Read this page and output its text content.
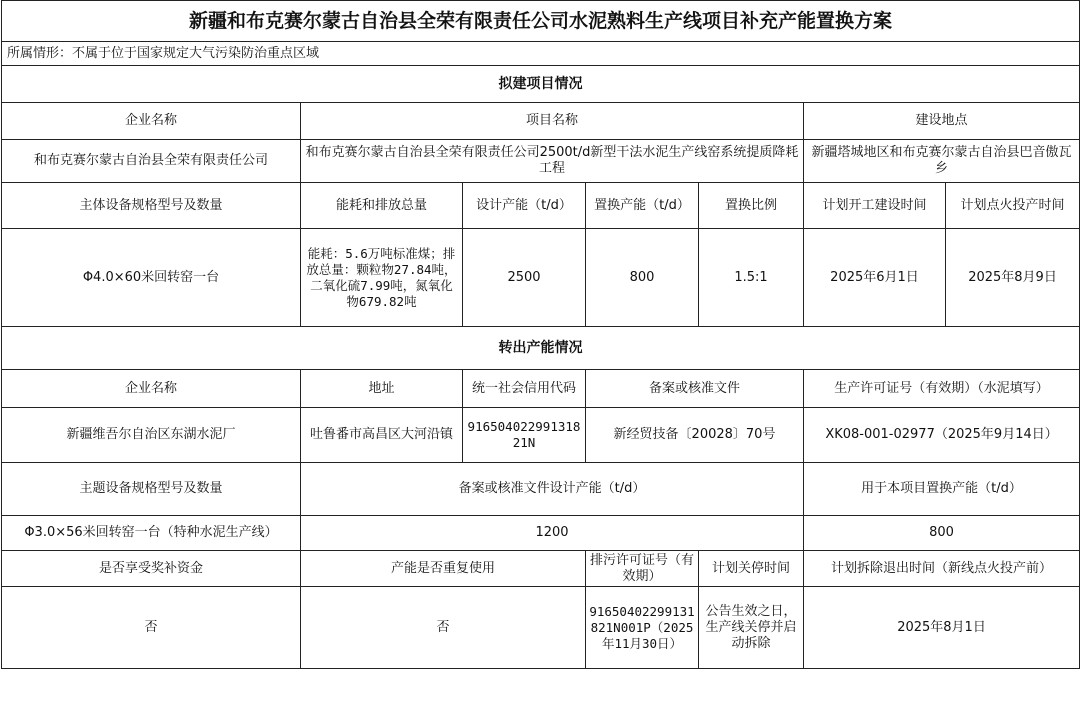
新疆和布克赛尔蒙古自治县全荣有限责任公司水泥熟料生产线项目补充产能置换方案						
所属情形：不属于位于国家规定大气污染防治重点区域						
拟建项目情况						
企业名称	项目名称				建设地点	
和布克赛尔蒙古自治县全荣有限责任公司	和布克赛尔蒙古自治县全荣有限责任公司2500t/d新型干法水泥生产线窑系统提质降耗工程				新疆塔城地区和布克赛尔蒙古自治县巴音傲瓦乡	
主体设备规格型号及数量	能耗和排放总量	设计产能（t/d）	置换产能（t/d）	置换比例	计划开工建设时间	计划点火投产时间
Φ4.0×60米回转窑一台	能耗：5.6万吨标准煤；排放总量：颗粒物27.84吨，二氧化硫7.99吨，氮氧化物679.82吨	2500	800	1.5:1	2025年6月1日	2025年8月9日
转出产能情况						
企业名称	地址	统一社会信用代码	备案或核准文件		生产许可证号（有效期）（水泥填写）	
新疆维吾尔自治区东湖水泥厂	吐鲁番市高昌区大河沿镇	91650402299131821N	新经贸技备〔20028〕70号		XK08-001-02977（2025年9月14日）	
主题设备规格型号及数量	备案或核准文件设计产能（t/d）				用于本项目置换产能（t/d）	
Φ3.0×56米回转窑一台（特种水泥生产线）	1200				800	
是否享受奖补资金	产能是否重复使用		排污许可证号（有效期）	计划关停时间	计划拆除退出时间（新线点火投产前）	
否	否		91650402299131821N001P（2025年11月30日）	公告生效之日，生产线关停并启动拆除	2025年8月1日	
